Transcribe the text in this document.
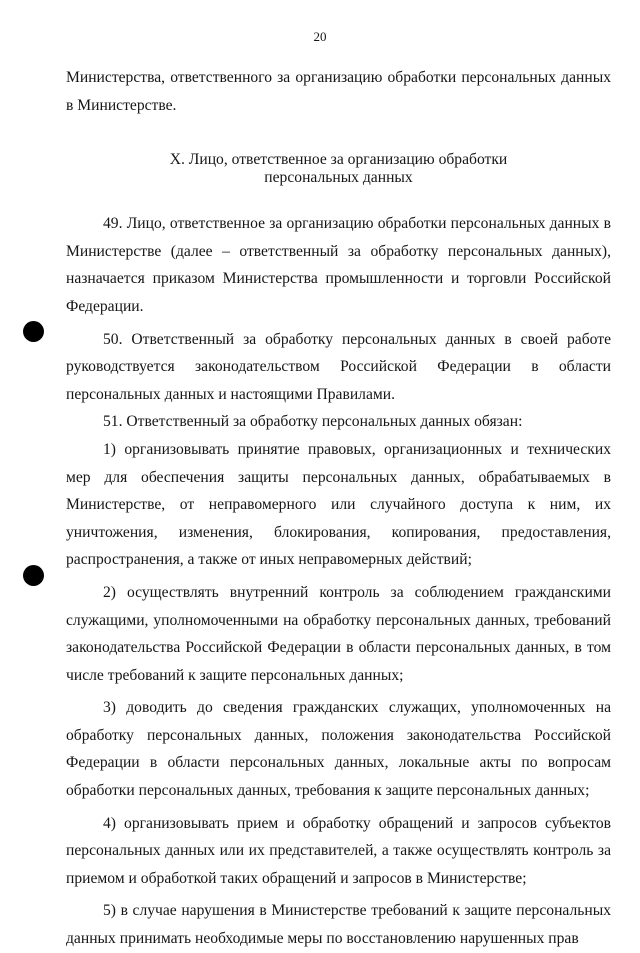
20

Министерства, ответственного за организацию обработки персональных данных в Министерстве.

X. Лицо, ответственное за организацию обработки
персональных данных

49. Лицо, ответственное за организацию обработки персональных данных в Министерстве (далее – ответственный за обработку персональных данных), назначается приказом Министерства промышленности и торговли Российской Федерации.

50. Ответственный за обработку персональных данных в своей работе руководствуется законодательством Российской Федерации в области персональных данных и настоящими Правилами.

51. Ответственный за обработку персональных данных обязан:

1) организовывать принятие правовых, организационных и технических мер для обеспечения защиты персональных данных, обрабатываемых в Министерстве, от неправомерного или случайного доступа к ним, их уничтожения, изменения, блокирования, копирования, предоставления, распространения, а также от иных неправомерных действий;

2) осуществлять внутренний контроль за соблюдением гражданскими служащими, уполномоченными на обработку персональных данных, требований законодательства Российской Федерации в области персональных данных, в том числе требований к защите персональных данных;

3) доводить до сведения гражданских служащих, уполномоченных на обработку персональных данных, положения законодательства Российской Федерации в области персональных данных, локальные акты по вопросам обработки персональных данных, требования к защите персональных данных;

4) организовывать прием и обработку обращений и запросов субъектов персональных данных или их представителей, а также осуществлять контроль за приемом и обработкой таких обращений и запросов в Министерстве;

5) в случае нарушения в Министерстве требований к защите персональных данных принимать необходимые меры по восстановлению нарушенных прав
